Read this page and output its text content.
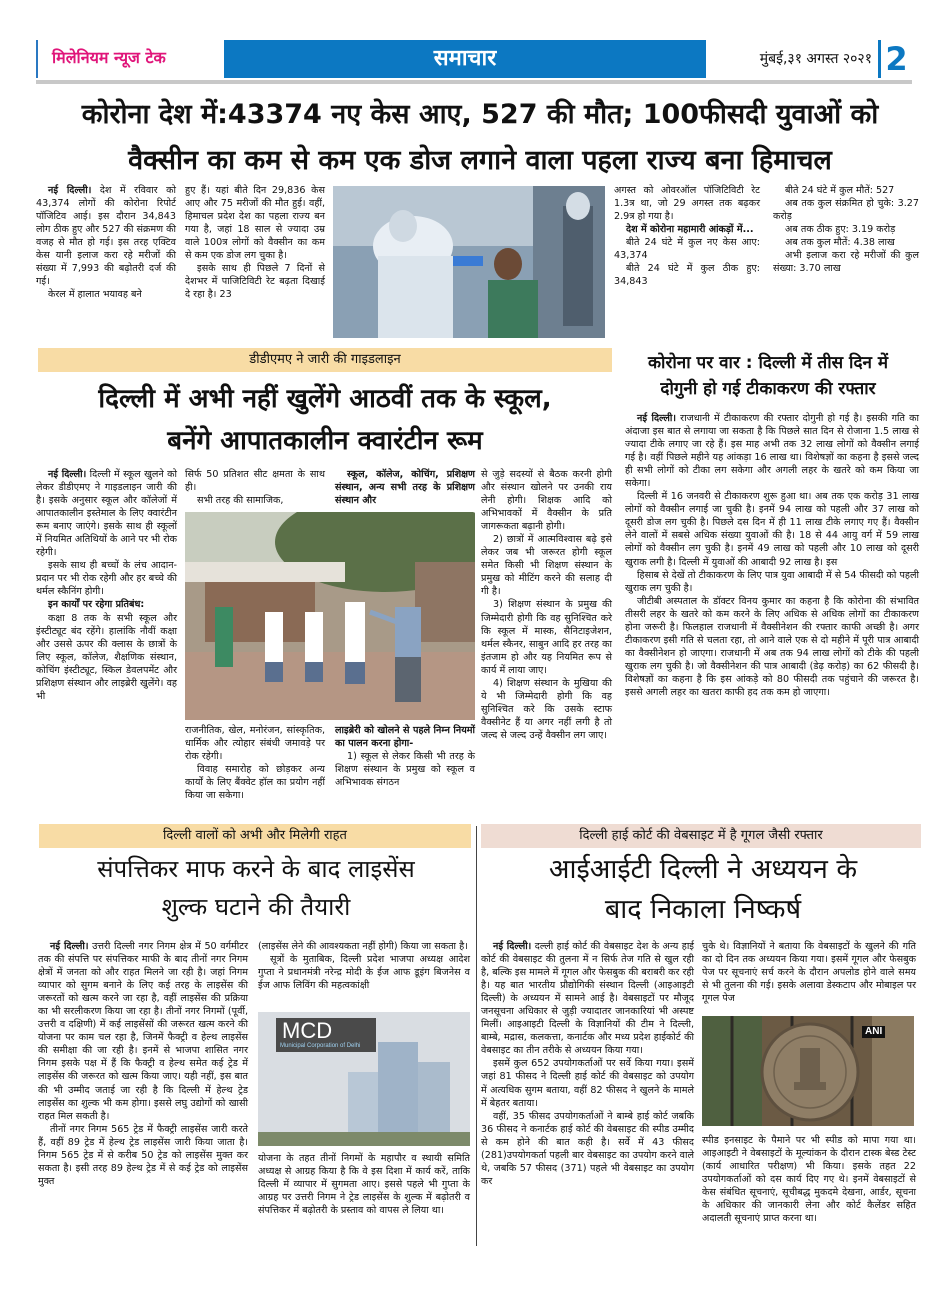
मिलेनियम न्यूज टेक	समाचार	मुंबई,३१ अगस्त २०२१ 2
कोरोना देश में:43374 नए केस आए, 527 की मौत; 100फीसदी युवाओं को
वैक्सीन का कम से कम एक डोज लगाने वाला पहला राज्य बना हिमाचल

नई दिल्ली। देश में रविवार को 43,374 लोगों की कोरोना रिपोर्ट पॉजिटिव आई। इस दौरान 34,843 लोग ठीक हुए और 527 की संक्रमण की वजह से मौत हो गई। इस तरह एक्टिव केस यानी इलाज करा रहे मरीजों की संख्या में 7,993 की बढ़ोतरी दर्ज की गई।

केरल में हालात भयावह बने

हुए हैं। यहां बीते दिन 29,836 केस आए और 75 मरीजों की मौत हुई। वहीं, हिमाचल प्रदेश देश का पहला राज्य बन गया है, जहां 18 साल से ज्यादा उम्र वाले 100त्र लोगों को वैक्सीन का कम से कम एक डोज लग चुका है।

इसके साथ ही पिछले 7 दिनों से देशभर में पाजिटिविटी रेट बढ़ता दिखाई दे रहा है। 23

अगस्त को ओवरऑल पॉजिटिविटी रेट 1.3त्र था, जो 29 अगस्त तक बढ़कर 2.9त्र हो गया है।

देश में कोरोना महामारी आंकड़ों में...

बीते 24 घंटे में कुल नए केस आए: 43,374

बीते 24 घंटे में कुल ठीक हुए: 34,843

बीते 24 घंटे में कुल मौतें: 527

अब तक कुल संक्रमित हो चुके: 3.27 करोड़

अब तक ठीक हुए: 3.19 करोड़

अब तक कुल मौतें: 4.38 लाख

अभी इलाज करा रहे मरीजों की कुल संख्या: 3.70 लाख

डीडीएमए ने जारी की गाइडलाइन
दिल्ली में अभी नहीं खुलेंगे आठवीं तक के स्कूल,
बनेंगे आपातकालीन क्वारंटीन रूम

नई दिल्ली। दिल्ली में स्कूल खुलने को लेकर डीडीएमए ने गाइडलाइन जारी की है। इसके अनुसार स्कूल और कॉलेजों में आपातकालीन इस्तेमाल के लिए क्वारंटीन रूम बनाए जाएंगे। इसके साथ ही स्कूलों में नियमित अतिथियों के आने पर भी रोक रहेगी।

इसके साथ ही बच्चों के लंच आदान-प्रदान पर भी रोक रहेगी और हर बच्चे की थर्मल स्कैनिंग होगी।

इन कार्यों पर रहेगा प्रतिबंध:

कक्षा 8 तक के सभी स्कूल और इंस्टीट्यूट बंद रहेंगे। हालांकि नौवीं कक्षा और उससे ऊपर की क्लास के छात्रों के लिए स्कूल, कॉलेज, शैक्षणिक संस्थान, कोचिंग इंस्टीट्यूट, स्किल डेवलपमेंट और प्रशिक्षण संस्थान और लाइब्रेरी खुलेंगे। वह भी

सिर्फ 50 प्रतिशत सीट क्षमता के साथ ही।

सभी तरह की सामाजिक,

स्कूल, कॉलेज, कोचिंग, प्रशिक्षण संस्थान, अन्य सभी तरह के प्रशिक्षण संस्थान और

राजनीतिक, खेल, मनोरंजन, सांस्कृतिक, धार्मिक और त्योहार संबंधी जमावड़े पर रोक रहेगी।

विवाह समारोह को छोड़कर अन्य कार्यों के लिए बैंक्वेट हॉल का प्रयोग नहीं किया जा सकेगा।

लाइब्रेरी को खोलने से पहले निम्न नियमों का पालन करना होगा-

1) स्कूल से लेकर किसी भी तरह के शिक्षण संस्थान के प्रमुख को स्कूल व अभिभावक संगठन

से जुड़े सदस्यों से बैठक करनी होगी और संस्थान खोलने पर उनकी राय लेनी होगी। शिक्षक आदि को अभिभावकों में वैक्सीन के प्रति जागरूकता बढ़ानी होगी।

2) छात्रों में आत्मविश्वास बढ़े इसे लेकर जब भी जरूरत होगी स्कूल समेत किसी भी शिक्षण संस्थान के प्रमुख को मीटिंग करने की सलाह दी गी है।

3) शिक्षण संस्थान के प्रमुख की जिम्मेदारी होगी कि वह सुनिश्चित करे कि स्कूल में मास्क, सैनिटाइजेशन, थर्मल स्कैनर, साबुन आदि हर तरह का इंतजाम हो और यह नियमित रूप से कार्य में लाया जाए।

4) शिक्षण संस्थान के मुखिया की ये भी जिम्मेदारी होगी कि वह सुनिश्चित करे कि उसके स्टाफ वैक्सीनेट हैं या अगर नहीं लगी है तो जल्द से जल्द उन्हें वैक्सीन लग जाए।

कोरोना पर वार : दिल्ली में तीस दिन में
दोगुनी हो गई टीकाकरण की रफ्तार

नई दिल्ली। राजधानी में टीकाकरण की रफ्तार दोगुनी हो गई है। इसकी गति का अंदाजा इस बात से लगाया जा सकता है कि पिछले सात दिन से रोजाना 1.5 लाख से ज्यादा टीके लगाए जा रहे हैं। इस माह अभी तक 32 लाख लोगों को वैक्सीन लगाई गई है। वहीं पिछले महीने यह आंकड़ा 16 लाख था। विशेषज्ञों का कहना है इससे जल्द ही सभी लोगों को टीका लग सकेगा और अगली लहर के खतरे को कम किया जा सकेगा।

दिल्ली में 16 जनवरी से टीकाकरण शुरू हुआ था। अब तक एक करोड़ 31 लाख लोगों को वैक्सीन लगाई जा चुकी है। इनमें 94 लाख को पहली और 37 लाख को दूसरी डोज लग चुकी है। पिछले दस दिन में ही 11 लाख टीके लगाए गए हैं। वैक्सीन लेने वालों में सबसे अधिक संख्या युवाओं की है। 18 से 44 आयु वर्ग में 59 लाख लोगों को वैक्सीन लग चुकी है। इनमें 49 लाख को पहली और 10 लाख को दूसरी खुराक लगी है। दिल्ली में युवाओं की आबादी 92 लाख है। इस

हिसाब से देखें तो टीकाकरण के लिए पात्र युवा आबादी में से 54 फीसदी को पहली खुराक लग चुकी है।

जीटीबी अस्पताल के डॉक्टर विनय कुमार का कहना है कि कोरोना की संभावित तीसरी लहर के खतरे को कम करने के लिए अधिक से अधिक लोगों का टीकाकरण होना जरूरी है। फिलहाल राजधानी में वैक्सीनेशन की रफ्तार काफी अच्छी है। अगर टीकाकरण इसी गति से चलता रहा, तो आने वाले एक से दो महीने में पूरी पात्र आबादी का वैक्सीनेशन हो जाएगा। राजधानी में अब तक 94 लाख लोगों को टीके की पहली खुराक लग चुकी है। जो वैक्सीनेशन की पात्र आबादी (डेढ़ करोड़) का 62 फीसदी है। विशेषज्ञों का कहना है कि इस आंकड़े को 80 फीसदी तक पहुंचाने की जरूरत है। इससे अगली लहर का खतरा काफी हद तक कम हो जाएगा।

दिल्ली वालों को अभी और मिलेगी राहत
संपत्तिकर माफ करने के बाद लाइसेंस
शुल्क घटाने की तैयारी

नई दिल्ली। उत्तरी दिल्ली नगर निगम क्षेत्र में 50 वर्गमीटर तक की संपत्ति पर संपत्तिकर माफी के बाद तीनों नगर निगम क्षेत्रों में जनता को और राहत मिलने जा रही है। जहां निगम व्यापार को सुगम बनाने के लिए कई तरह के लाइसेंस की जरूरतों को खत्म करने जा रहा है, वहीं लाइसेंस की प्रक्रिया का भी सरलीकरण किया जा रहा है। तीनों नगर निगमों (पूर्वी, उत्तरी व दक्षिणी) में कई लाइसेंसों की जरूरत खत्म करने की योजना पर काम चल रहा है, जिनमें फैक्ट्री व हेल्थ लाइसेंस की समीक्षा की जा रही है। इनमें से भाजपा शासित नगर निगम इसके पक्ष में हैं कि फैक्ट्री व हेल्थ समेत कई ट्रेड में लाइसेंस की जरूरत को खत्म किया जाए। यही नहीं, इस बात की भी उम्मीद जताई जा रही है कि दिल्ली में हेल्थ ट्रेड लाइसेंस का शुल्क भी कम होगा। इससे लघु उद्योगों को खासी राहत मिल सकती है।

तीनों नगर निगम 565 ट्रेड में फैक्ट्री लाइसेंस जारी करते हैं, वहीं 89 ट्रेड में हेल्थ ट्रेड लाइसेंस जारी किया जाता है। निगम 565 ट्रेड में से करीब 50 ट्रेड को लाइसेंस मुक्त कर सकता है। इसी तरह 89 हेल्थ ट्रेड में से कई ट्रेड को लाइसेंस मुक्त

(लाइसेंस लेने की आवश्यकता नहीं होगी) किया जा सकता है।

सूत्रों के मुताबिक, दिल्ली प्रदेश भाजपा अध्यक्ष आदेश गुप्ता ने प्रधानमंत्री नरेन्द्र मोदी के ईज आफ डूइंग बिजनेस व ईज आफ लिविंग की महत्वकांक्षी

MCD
Municipal Corporation of Delhi

योजना के तहत तीनों निगमों के महापौर व स्थायी समिति अध्यक्ष से आग्रह किया है कि वे इस दिशा में कार्य करें, ताकि दिल्ली में व्यापार में सुगमता आए। इससे पहले भी गुप्ता के आग्रह पर उत्तरी निगम ने ट्रेड लाइसेंस के शुल्क में बढ़ोतरी व संपत्तिकर में बढ़ोतरी के प्रस्ताव को वापस ले लिया था।

दिल्ली हाई कोर्ट की वेबसाइट में है गूगल जैसी रफ्तार
आईआईटी दिल्ली ने अध्ययन के
बाद निकाला निष्कर्ष

नई दिल्ली। दल्ली हाई कोर्ट की वेबसाइट देश के अन्य हाई कोर्ट की वेबसाइट की तुलना में न सिर्फ तेज गति से खुल रही है, बल्कि इस मामले में गूगल और फेसबुक की बराबरी कर रही है। यह बात भारतीय प्रौद्योगिकी संस्थान दिल्ली (आइआइटी दिल्ली) के अध्ययन में सामने आई है। वेबसाइटों पर मौजूद जनसूचना अधिकार से जुड़ी ज्यादातर जानकारियां भी अस्पष्ट मिलीं। आइआइटी दिल्ली के विज्ञानियों की टीम ने दिल्ली, बाम्बे, मद्रास, कलकत्ता, कनार्टक और मध्य प्रदेश हाईकोर्ट की वेबसाइट का तीन तरीके से अध्ययन किया गया।

इसमें कुल 652 उपयोगकर्ताओं पर सर्वे किया गया। इसमें जहां 81 फीसद ने दिल्ली हाई कोर्ट की वेबसाइट को उपयोग में अत्यधिक सुगम बताया, वहीं 82 फीसद ने खुलने के मामले में बेहतर बताया।

वहीं, 35 फीसद उपयोगकर्ताओं ने बाम्बे हाई कोर्ट जबकि 36 फीसद ने कनार्टक हाई कोर्ट की वेबसाइट की स्पीड उम्मीद से कम होने की बात कही है। सर्वे में 43 फीसद (281)उपयोगकर्ता पहली बार वेबसाइट का उपयोग करने वाले थे, जबकि 57 फीसद (371) पहले भी वेबसाइट का उपयोग कर

चुके थे। विज्ञानियों ने बताया कि वेबसाइटों के खुलने की गति का दो दिन तक अध्ययन किया गया। इसमें गूगल और फेसबुक पेज पर सूचनाएं सर्च करने के दौरान अपलोड होने वाले समय से भी तुलना की गई। इसके अलावा डेस्कटाप और मोबाइल पर गूगल पेज

ANI

स्पीड इनसाइट के पैमाने पर भी स्पीड को मापा गया था। आइआइटी ने वेबसाइटों के मूल्यांकन के दौरान टास्क बेस्ड टेस्ट (कार्य आधारित परीक्षण) भी किया। इसके तहत 22 उपयोगकर्ताओं को दस कार्य दिए गए थे। इनमें वेबसाइटों से केस संबंधित सूचनाएं, सूचीबद्ध मुकदमे देखना, आर्डर, सूचना के अधिकार की जानकारी लेना और कोर्ट कैलेंडर सहित अदालती सूचनाएं प्राप्त करना था।
